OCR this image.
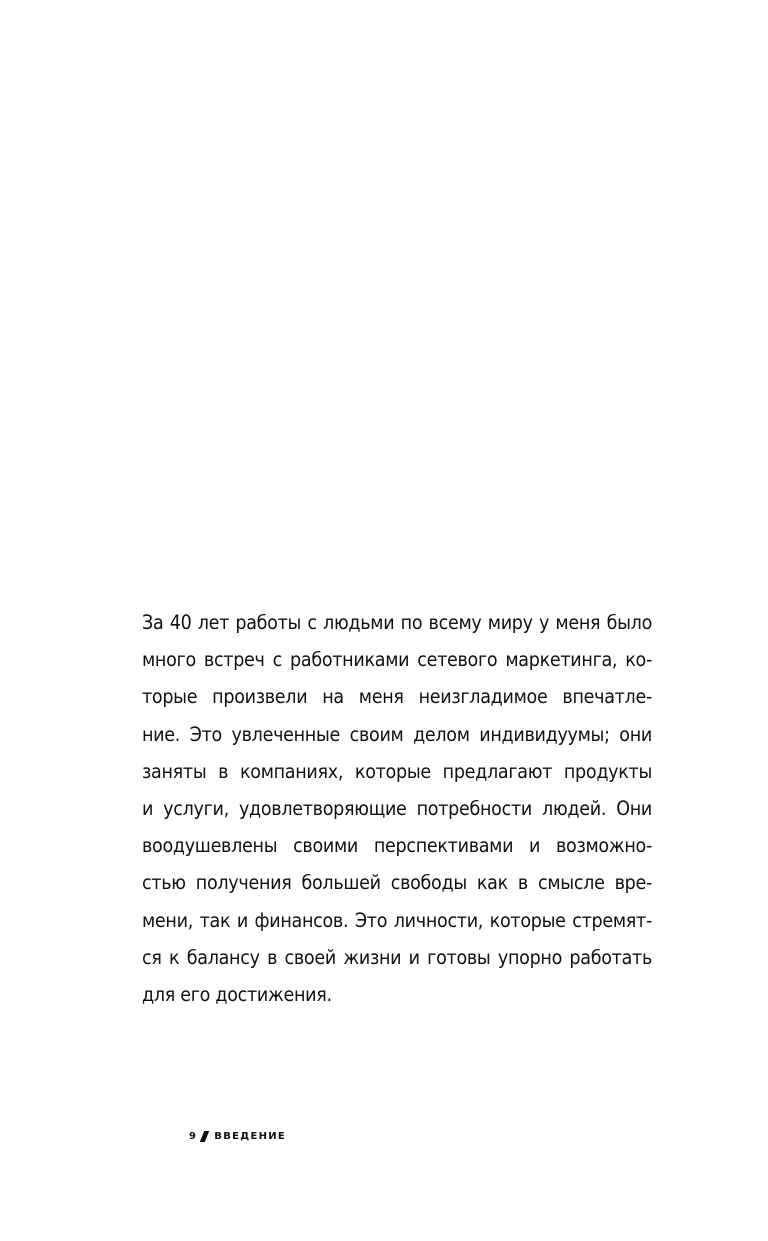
За 40 лет работы с людьми по всему миру у меня было
много встреч с работниками сетевого маркетинга, ко-
торые произвели на меня неизгладимое впечатле-
ние. Это увлеченные своим делом индивидуумы; они
заняты в компаниях, которые предлагают продукты
и услуги, удовлетворяющие потребности людей. Они
воодушевлены своими перспективами и возможно-
стью получения большей свободы как в смысле вре-
мени, так и финансов. Это личности, которые стремят-
ся к балансу в своей жизни и готовы упорно работать
для его достижения.
9 ВВЕДЕНИЕ
